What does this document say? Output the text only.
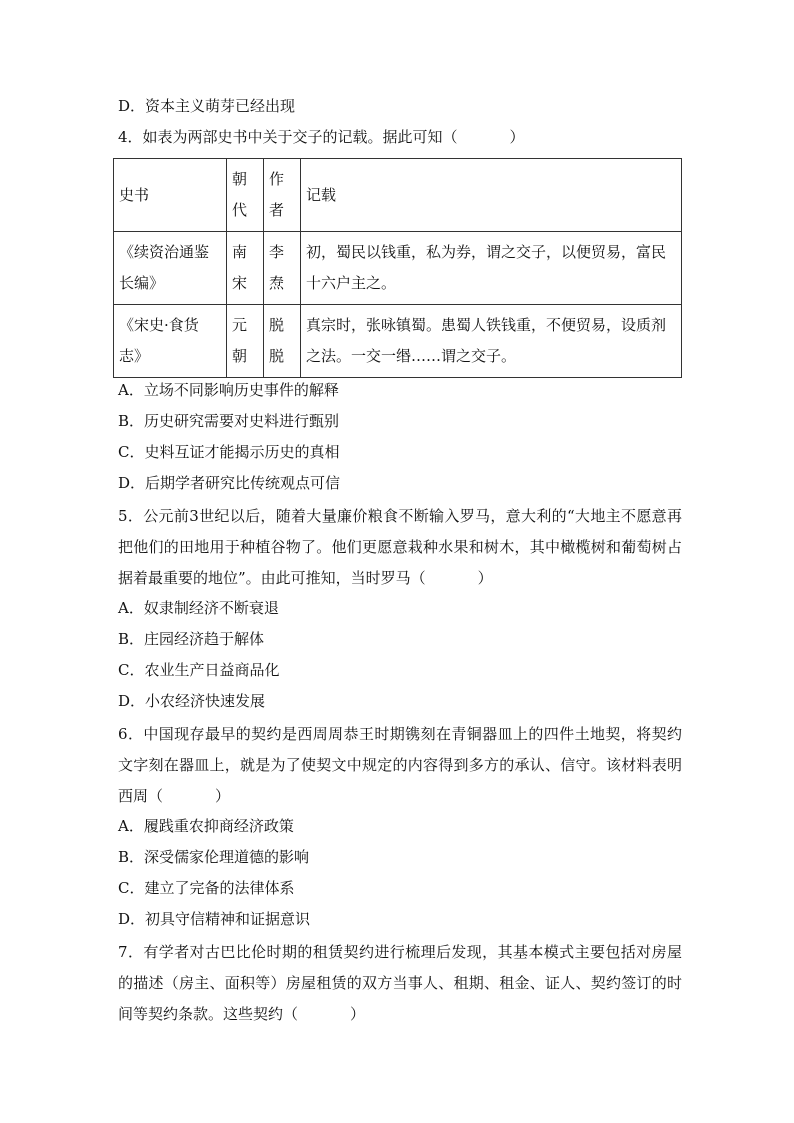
D．资本主义萌芽已经出现
4．如表为两部史书中关于交子的记载。据此可知（	）
史书	朝代	作者	记载
《续资治通鉴长编》	南宋	李焘	初，蜀民以钱重，私为券，谓之交子，以便贸易，富民十六户主之。
《宋史·食货志》	元朝	脱脱	真宗时，张咏镇蜀。患蜀人铁钱重，不便贸易，设质剂之法。一交一缗……谓之交子。
A．立场不同影响历史事件的解释
B．历史研究需要对史料进行甄别
C．史料互证才能揭示历史的真相
D．后期学者研究比传统观点可信
5．公元前3世纪以后，随着大量廉价粮食不断输入罗马，意大利的“大地主不愿意再把他们的田地用于种植谷物了。他们更愿意栽种水果和树木，其中橄榄树和葡萄树占据着最重要的地位”。由此可推知，当时罗马（	）
A．奴隶制经济不断衰退
B．庄园经济趋于解体
C．农业生产日益商品化
D．小农经济快速发展
6．中国现存最早的契约是西周周恭王时期镌刻在青铜器皿上的四件土地契，将契约文字刻在器皿上，就是为了使契文中规定的内容得到多方的承认、信守。该材料表明西周（	）
A．履践重农抑商经济政策
B．深受儒家伦理道德的影响
C．建立了完备的法律体系
D．初具守信精神和证据意识
7．有学者对古巴比伦时期的租赁契约进行梳理后发现，其基本模式主要包括对房屋的描述（房主、面积等）房屋租赁的双方当事人、租期、租金、证人、契约签订的时间等契约条款。这些契约（	）
